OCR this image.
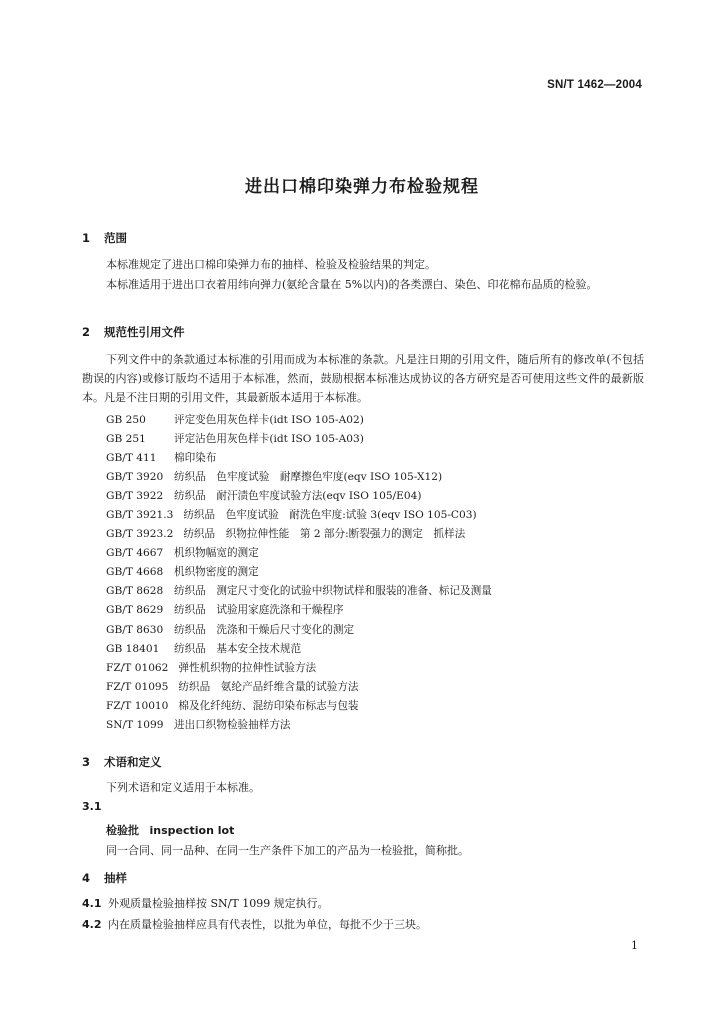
SN/T 1462—2004
进出口棉印染弹力布检验规程
1 范围
本标准规定了进出口棉印染弹力布的抽样、检验及检验结果的判定。
本标准适用于进出口衣着用纬向弹力(氨纶含量在 5%以内)的各类漂白、染色、印花棉布品质的检验。
2 规范性引用文件
下列文件中的条款通过本标准的引用而成为本标准的条款。凡是注日期的引用文件，随后所有的修改单(不包括勘误的内容)或修订版均不适用于本标准，然而，鼓励根据本标准达成协议的各方研究是否可使用这些文件的最新版本。凡是不注日期的引用文件，其最新版本适用于本标准。
GB 250	评定变色用灰色样卡(idt ISO 105-A02)
GB 251	评定沾色用灰色样卡(idt ISO 105-A03)
GB/T 411 棉印染布
GB/T 3920 纺织品　色牢度试验　耐摩擦色牢度(eqv ISO 105-X12)
GB/T 3922 纺织品　耐汗渍色牢度试验方法(eqv ISO 105/E04)
GB/T 3921.3 纺织品　色牢度试验　耐洗色牢度:试验 3(eqv ISO 105-C03)
GB/T 3923.2 纺织品　织物拉伸性能　第 2 部分:断裂强力的测定　抓样法
GB/T 4667 机织物幅宽的测定
GB/T 4668 机织物密度的测定
GB/T 8628 纺织品　测定尺寸变化的试验中织物试样和服装的准备、标记及测量
GB/T 8629 纺织品　试验用家庭洗涤和干燥程序
GB/T 8630 纺织品　洗涤和干燥后尺寸变化的测定
GB 18401 纺织品　基本安全技术规范
FZ/T 01062 弹性机织物的拉伸性试验方法
FZ/T 01095 纺织品　氨纶产品纤维含量的试验方法
FZ/T 10010 棉及化纤纯纺、混纺印染布标志与包装
SN/T 1099 进出口织物检验抽样方法
3 术语和定义
下列术语和定义适用于本标准。
3.1
检验批 inspection lot
同一合同、同一品种、在同一生产条件下加工的产品为一检验批，简称批。
4 抽样
4.1 外观质量检验抽样按 SN/T 1099 规定执行。
4.2 内在质量检验抽样应具有代表性，以批为单位，每批不少于三块。
1
